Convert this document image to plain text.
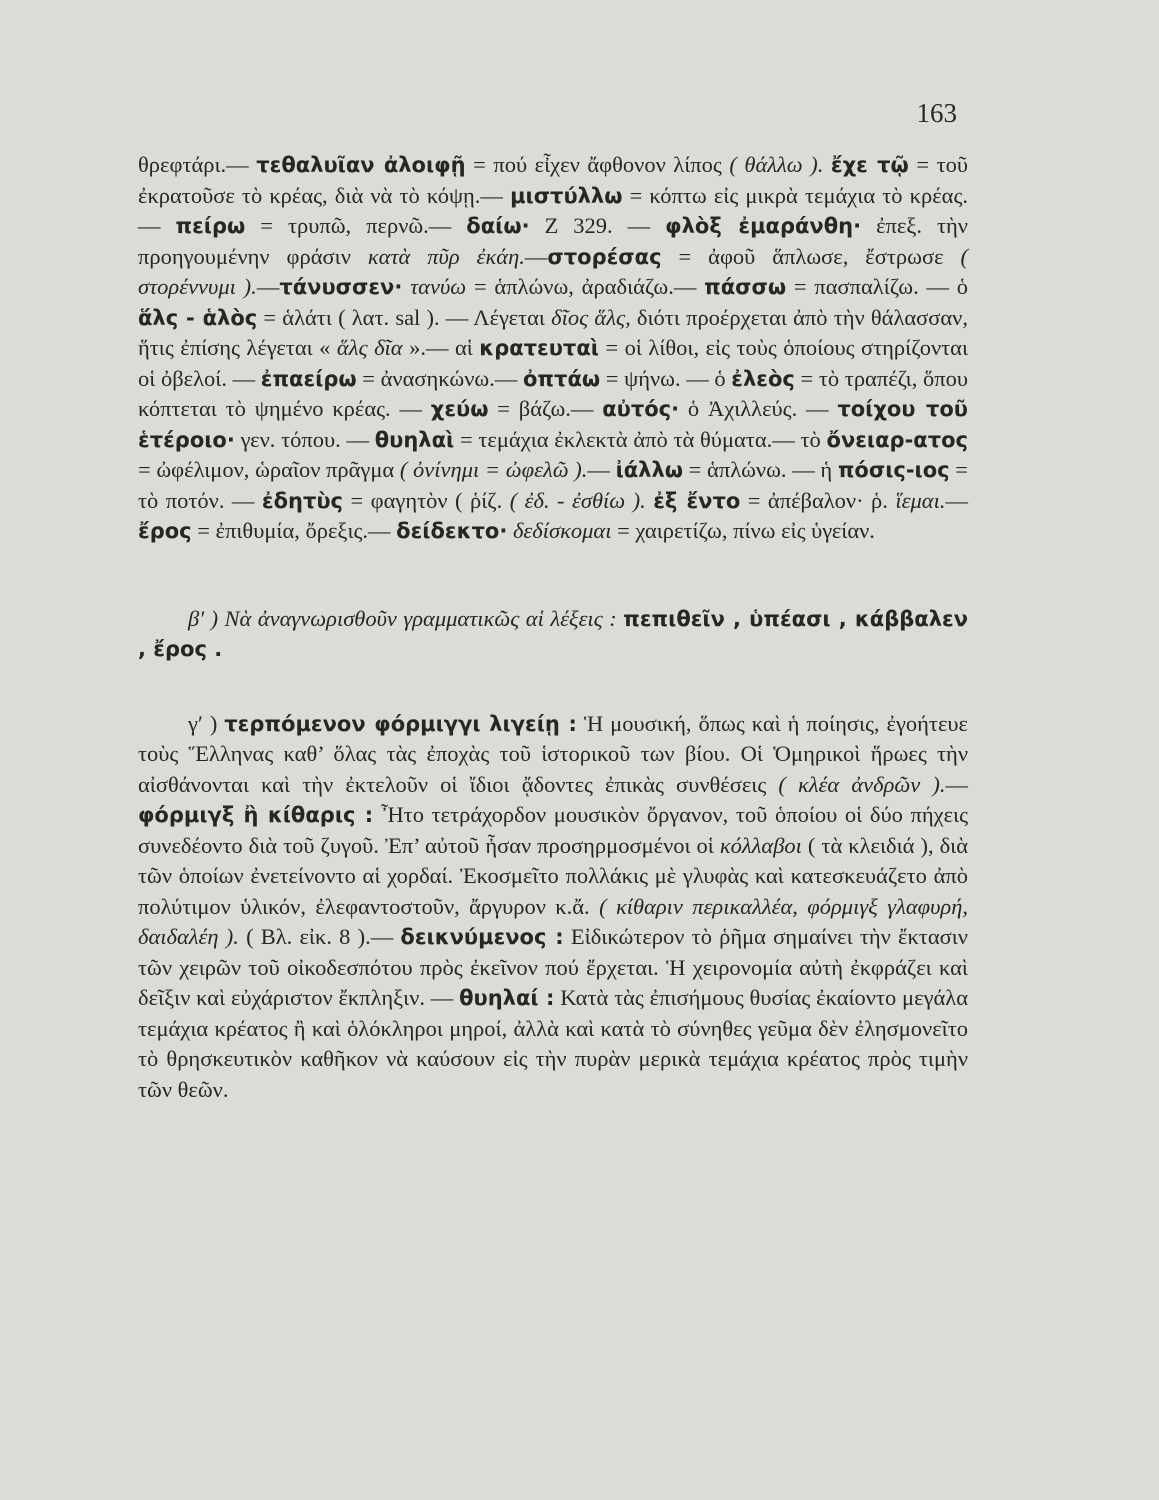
163

θρεφτάρι.— τεθαλυῖαν ἀλοιφῇ = πού εἶχεν ἄφθονον λίπος ( θάλλω ). ἔχε τῷ = τοῦ ἐκρατοῦσε τὸ κρέας, διὰ νὰ τὸ κόψῃ.— μιστύλλω = κόπτω εἰς μικρὰ τεμάχια τὸ κρέας.— πείρω = τρυπῶ, περνῶ.— δαίω· Ζ 329. — φλὸξ ἐμαράνθη· ἐπεξ. τὴν προηγουμένην φράσιν κατὰ πῦρ ἐκάη.—στορέσας = ἀφοῦ ἅπλωσε, ἔστρωσε ( στορέννυμι ).—τάνυσσεν· τανύω = ἁπλώνω, ἀραδιάζω.— πάσσω = πασπαλίζω. — ὁ ἅλς - ἁλὸς = ἁλάτι ( λατ. sal ). — Λέγεται δῖος ἅλς, διότι προέρχεται ἀπὸ τὴν θάλασσαν, ἥτις ἐπίσης λέγεται « ἅλς δῖα ».— αἱ κρατευταὶ = οἱ λίθοι, εἰς τοὺς ὁποίους στηρίζονται οἱ ὀβελοί. — ἐπαείρω = ἀνασηκώνω.— ὀπτάω = ψήνω. — ὁ ἐλεὸς = τὸ τραπέζι, ὅπου κόπτεται τὸ ψημένο κρέας. — χεύω = βάζω.— αὐτός· ὁ Ἀχιλλεύς. — τοίχου τοῦ ἑτέροιο· γεν. τόπου. — θυηλαὶ = τεμάχια ἐκλεκτὰ ἀπὸ τὰ θύματα.— τὸ ὄνειαρ-ατος = ὠφέλιμον, ὡραῖον πρᾶγμα ( ὀνίνημι = ὠφελῶ ).— ἰάλλω = ἁπλώνω. — ἡ πόσις-ιος = τὸ ποτόν. — ἐδητὺς = φαγητὸν ( ῥίζ. ( ἐδ. - ἐσθίω ). ἐξ ἔντο = ἀπέβαλον· ῥ. ἵεμαι.— ἔρος = ἐπιθυμία, ὄρεξις.— δείδεκτο· δεδίσκομαι = χαιρετίζω, πίνω εἰς ὑγείαν.

β′ ) Νὰ ἀναγνωρισθοῦν γραμματικῶς αἱ λέξεις : πεπιθεῖν , ὑπέασι , κάββαλεν , ἔρος .

γ′ ) τερπόμενον φόρμιγγι λιγείῃ : Ἡ μουσική, ὅπως καὶ ἡ ποίησις, ἐγοήτευε τοὺς Ἕλληνας καθ’ ὅλας τὰς ἐποχὰς τοῦ ἱστορικοῦ των βίου. Οἱ Ὁμηρικοὶ ἥρωες τὴν αἰσθάνονται καὶ τὴν ἐκτελοῦν οἱ ἴδιοι ᾄδοντες ἐπικὰς συνθέσεις ( κλέα ἀνδρῶν ).— φόρμιγξ ἢ κίθαρις : Ἦτο τετράχορδον μουσικὸν ὄργανον, τοῦ ὁποίου οἱ δύο πήχεις συνεδέοντο διὰ τοῦ ζυγοῦ. Ἐπ’ αὐτοῦ ἦσαν προσηρμοσμένοι οἱ κόλλαβοι ( τὰ κλειδιά ), διὰ τῶν ὁποίων ἐνετείνοντο αἱ χορδαί. Ἐκοσμεῖτο πολλάκις μὲ γλυφὰς καὶ κατεσκευάζετο ἀπὸ πολύτιμον ὑλικόν, ἐλεφαντοστοῦν, ἄργυρον κ.ἄ. ( κίθαριν περικαλλέα, φόρμιγξ γλαφυρή, δαιδαλέη ). ( Βλ. εἰκ. 8 ).— δεικνύμενος : Εἰδικώτερον τὸ ῥῆμα σημαίνει τὴν ἔκτασιν τῶν χειρῶν τοῦ οἰκοδεσπότου πρὸς ἐκεῖνον πού ἔρχεται. Ἡ χειρονομία αὐτὴ ἐκφράζει καὶ δεῖξιν καὶ εὐχάριστον ἔκπληξιν. — θυηλαί : Κατὰ τὰς ἐπισήμους θυσίας ἐκαίοντο μεγάλα τεμάχια κρέατος ἢ καὶ ὁλόκληροι μηροί, ἀλλὰ καὶ κατὰ τὸ σύνηθες γεῦμα δὲν ἐλησμονεῖτο τὸ θρησκευτικὸν καθῆκον νὰ καύσουν εἰς τὴν πυρὰν μερικὰ τεμάχια κρέατος πρὸς τιμὴν τῶν θεῶν.
